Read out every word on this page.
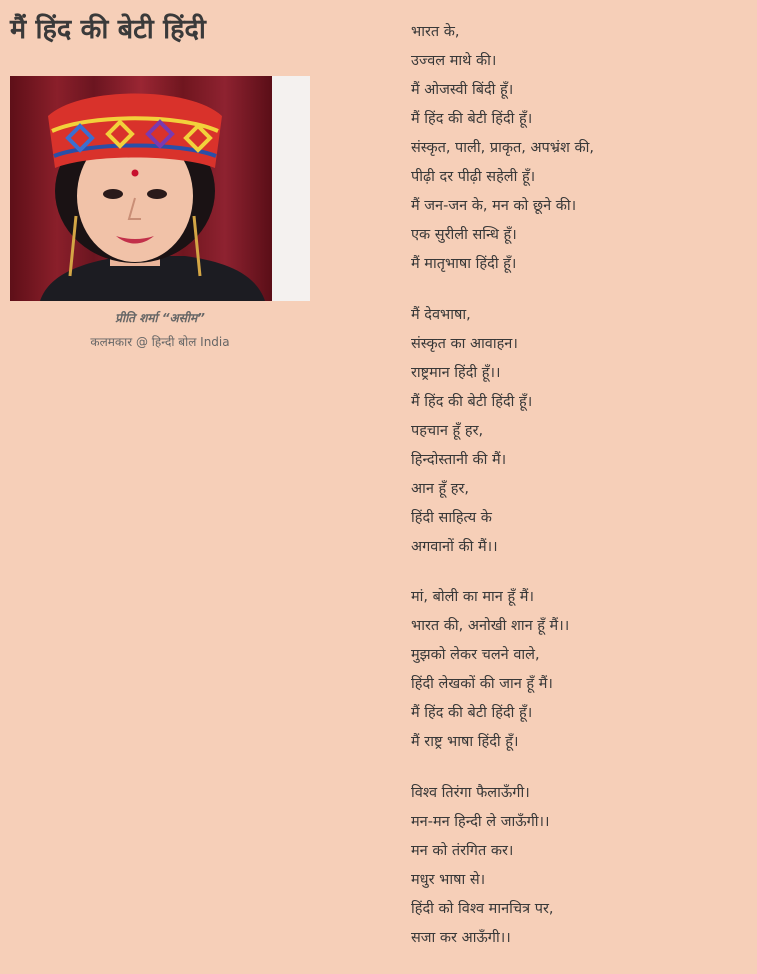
मैं हिंद की बेटी हिंदी
प्रीति शर्मा “असीम”
कलमकार @ हिन्दी बोल India
भारत के,
उज्वल माथे की।
मैं ओजस्वी बिंदी हूँ।
मैं हिंद की बेटी हिंदी हूँ।
संस्कृत, पाली, प्राकृत, अपभ्रंश की,
पीढ़ी दर पीढ़ी सहेली हूँ।
मैं जन-जन के, मन को छूने की।
एक सुरीली सन्धि हूँ।
मैं मातृभाषा हिंदी हूँ।
मैं देवभाषा,
संस्कृत का आवाहन।
राष्ट्रमान हिंदी हूँ।।
मैं हिंद की बेटी हिंदी हूँ।
पहचान हूँ हर,
हिन्दोस्तानी की मैं।
आन हूँ हर,
हिंदी साहित्य के
अगवानों की मैं।।
मां, बोली का मान हूँ मैं।
भारत की, अनोखी शान हूँ मैं।।
मुझको लेकर चलने वाले,
हिंदी लेखकों की जान हूँ मैं।
मैं हिंद की बेटी हिंदी हूँ।
मैं राष्ट्र भाषा हिंदी हूँ।
विश्व तिरंगा फैलाऊँगी।
मन-मन हिन्दी ले जाऊँगी।।
मन को तंरगित कर।
मधुर भाषा से।
हिंदी को विश्व मानचित्र पर,
सजा कर आऊँगी।।
